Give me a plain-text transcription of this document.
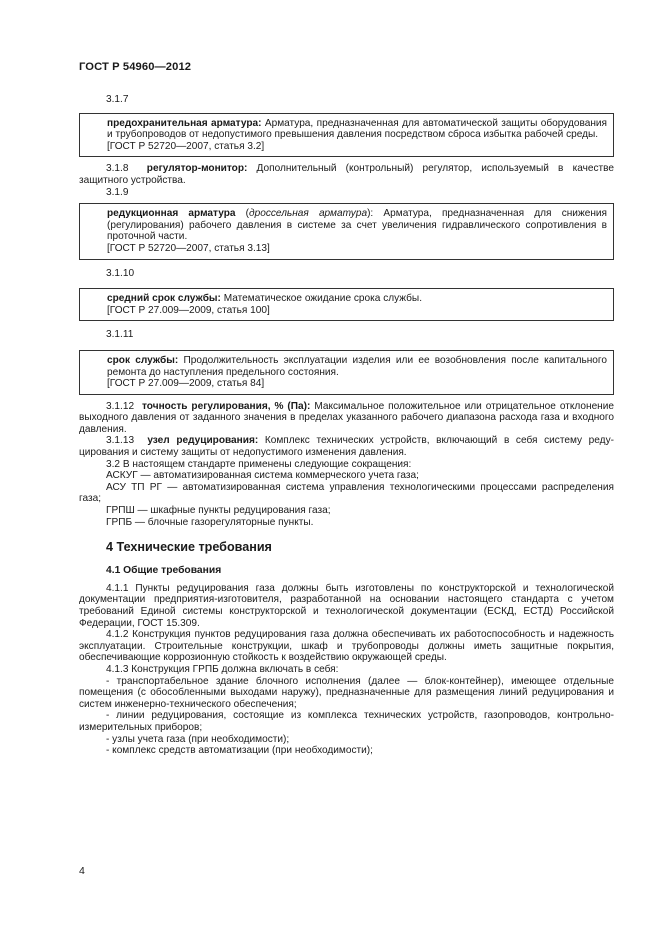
ГОСТ Р 54960—2012

3.1.7

предохранительная арматура: Арматура, предназначенная для автоматической защиты оборудования и трубопроводов от недопустимого превышения давления посредством сброса избытка рабочей среды.

[ГОСТ Р 52720—2007, статья 3.2]

3.1.8 регулятор-монитор: Дополнительный (контрольный) регулятор, используемый в качестве защитного устройства.

3.1.9

редукционная арматура (дроссельная арматура): Арматура, предназначенная для снижения (регулирования) рабочего давления в системе за счет увеличения гидравлического сопротивления в проточной части.

[ГОСТ Р 52720—2007, статья 3.13]

3.1.10

средний срок службы: Математическое ожидание срока службы.

[ГОСТ Р 27.009—2009, статья 100]

3.1.11

срок службы: Продолжительность эксплуатации изделия или ее возобновления после капитального ремонта до наступления предельного состояния.

[ГОСТ Р 27.009—2009, статья 84]

3.1.12 точность регулирования, % (Па): Максимальное положительное или отрицательное отклонение выходного давления от заданного значения в пределах указанного рабочего диапазона расхода газа и входного давления.

3.1.13 узел редуцирования: Комплекс технических устройств, включающий в себя систему редуцирования и систему защиты от недопустимого изменения давления.

3.2 В настоящем стандарте применены следующие сокращения:

АСКУГ — автоматизированная система коммерческого учета газа;

АСУ ТП РГ — автоматизированная система управления технологическими процессами распределения газа;

ГРПШ — шкафные пункты редуцирования газа;

ГРПБ — блочные газорегуляторные пункты.

4 Технические требования
4.1 Общие требования

4.1.1 Пункты редуцирования газа должны быть изготовлены по конструкторской и технологической документации предприятия-изготовителя, разработанной на основании настоящего стандарта с учетом требований Единой системы конструкторской и технологической документации (ЕСКД, ЕСТД) Российской Федерации, ГОСТ 15.309.

4.1.2 Конструкция пунктов редуцирования газа должна обеспечивать их работоспособность и надежность эксплуатации. Строительные конструкции, шкаф и трубопроводы должны иметь защитные покрытия, обеспечивающие коррозионную стойкость к воздействию окружающей среды.

4.1.3 Конструкция ГРПБ должна включать в себя:

- транспортабельное здание блочного исполнения (далее — блок-контейнер), имеющее отдельные помещения (с обособленными выходами наружу), предназначенные для размещения линий редуцирования и систем инженерно-технического обеспечения;

- линии редуцирования, состоящие из комплекса технических устройств, газопроводов, контрольно-измерительных приборов;

- узлы учета газа (при необходимости);

- комплекс средств автоматизации (при необходимости);

4
